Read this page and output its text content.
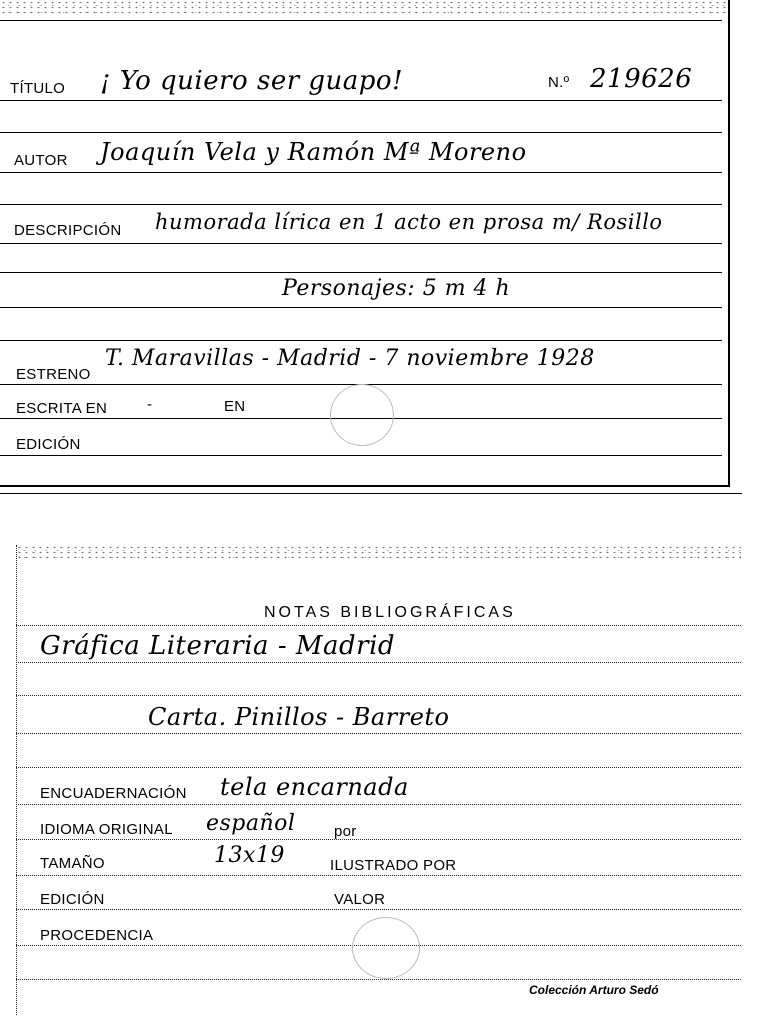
TÍTULO ¡ Yo quiero ser guapo!	N.º 219626
AUTOR Joaquín Vela y Ramón Mª Moreno
DESCRIPCIÓN humorada lírica en 1 acto en prosa m/ Rosillo
Personajes: 5 m 4 h
ESTRENO
T. Maravillas - Madrid - 7 noviembre 1928
ESCRITA EN	-	EN
EDICIÓN
NOTAS BIBLIOGRÁFICAS
Gráfica Literaria - Madrid
Carta. Pinillos - Barreto
ENCUADERNACIÓN tela encarnada
IDIOMA ORIGINAL español	por
TAMAÑO	13x19	ILUSTRADO POR
EDICIÓN	VALOR
PROCEDENCIA
Colección Arturo Sedó
